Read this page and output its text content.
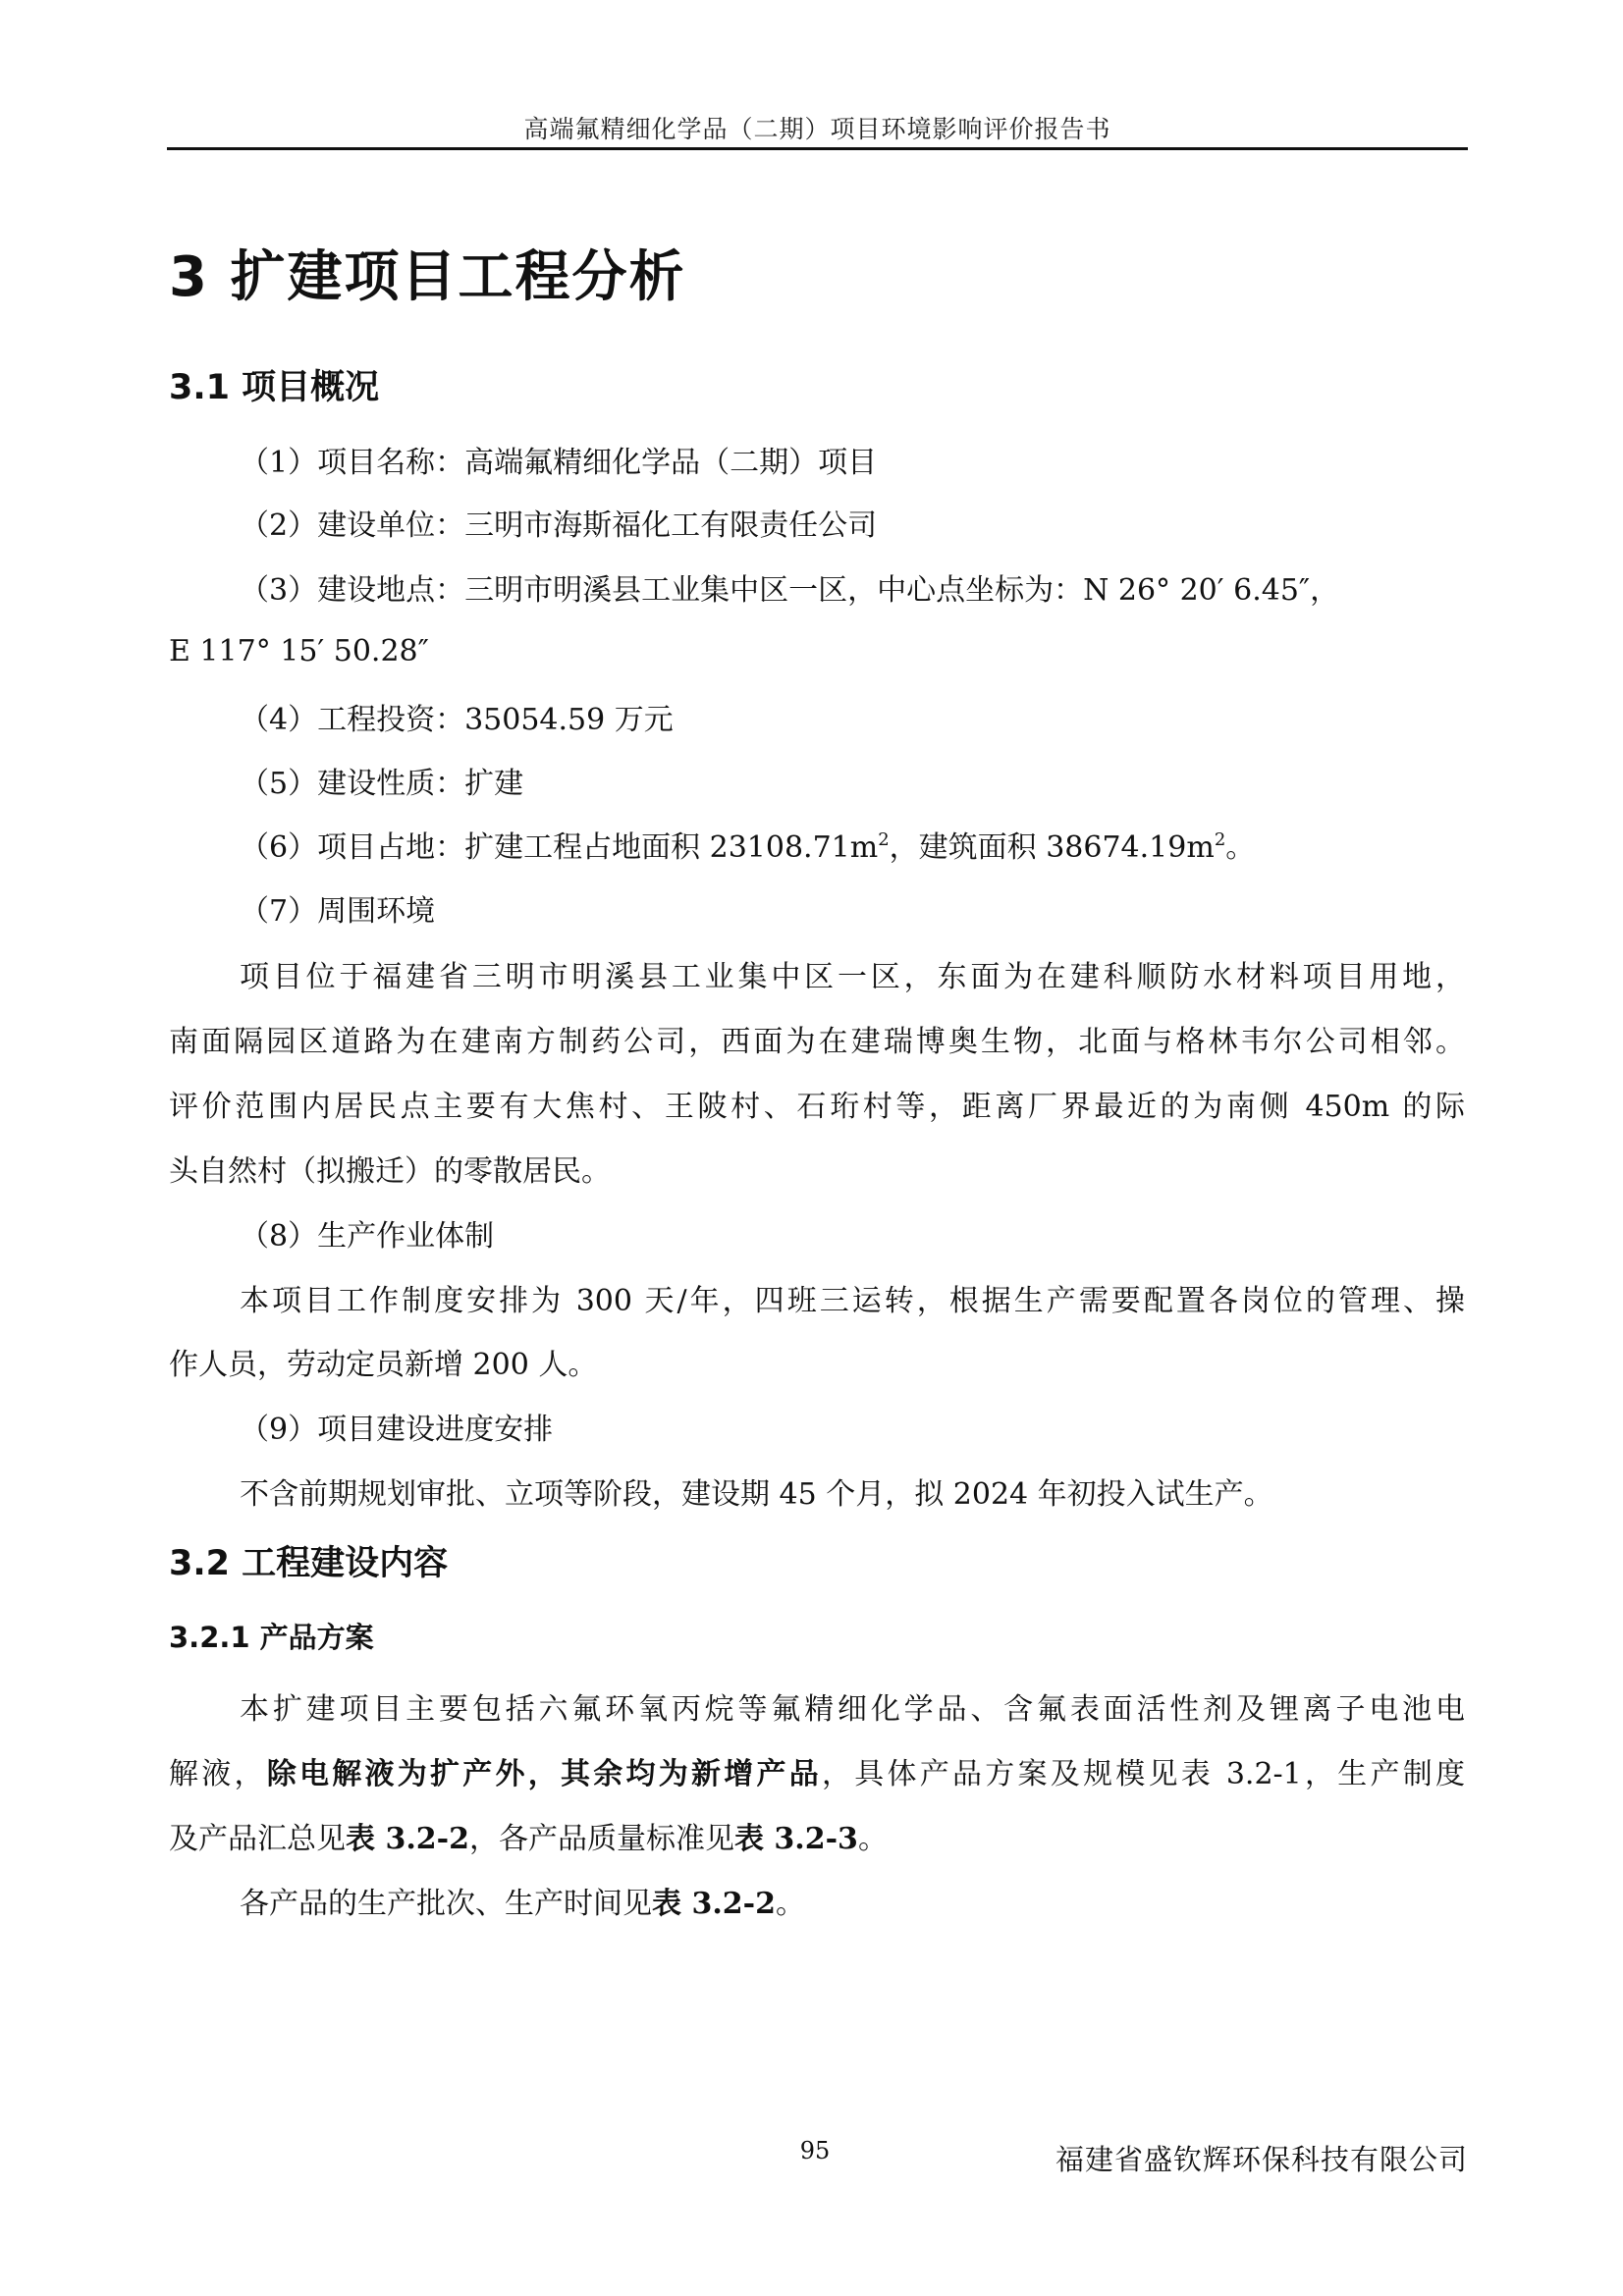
高端氟精细化学品（二期）项目环境影响评价报告书
3 扩建项目工程分析
3.1 项目概况
（1）项目名称：高端氟精细化学品（二期）项目
（2）建设单位：三明市海斯福化工有限责任公司
（3）建设地点：三明市明溪县工业集中区一区，中心点坐标为：N 26° 20′ 6.45″，
E 117° 15′ 50.28″
（4）工程投资：35054.59 万元
（5）建设性质：扩建
（6）项目占地：扩建工程占地面积 $23108.71m^2$，建筑面积 $38674.19m^2$。
（7）周围环境
项目位于福建省三明市明溪县工业集中区一区，东面为在建科顺防水材料项目用地，
南面隔园区道路为在建南方制药公司，西面为在建瑞博奥生物，北面与格林韦尔公司相邻。
评价范围内居民点主要有大焦村、王陂村、石珩村等，距离厂界最近的为南侧 450m 的际
头自然村（拟搬迁）的零散居民。
（8）生产作业体制
本项目工作制度安排为 300 天/年，四班三运转，根据生产需要配置各岗位的管理、操
作人员，劳动定员新增 200 人。
（9）项目建设进度安排
不含前期规划审批、立项等阶段，建设期 45 个月，拟 2024 年初投入试生产。
3.2 工程建设内容
3.2.1 产品方案
本扩建项目主要包括六氟环氧丙烷等氟精细化学品、含氟表面活性剂及锂离子电池电
解液，除电解液为扩产外，其余均为新增产品，具体产品方案及规模见表 3.2-1，生产制度
及产品汇总见表 3.2-2，各产品质量标准见表 3.2-3。
各产品的生产批次、生产时间见表 3.2-2。
95	福建省盛钦辉环保科技有限公司
